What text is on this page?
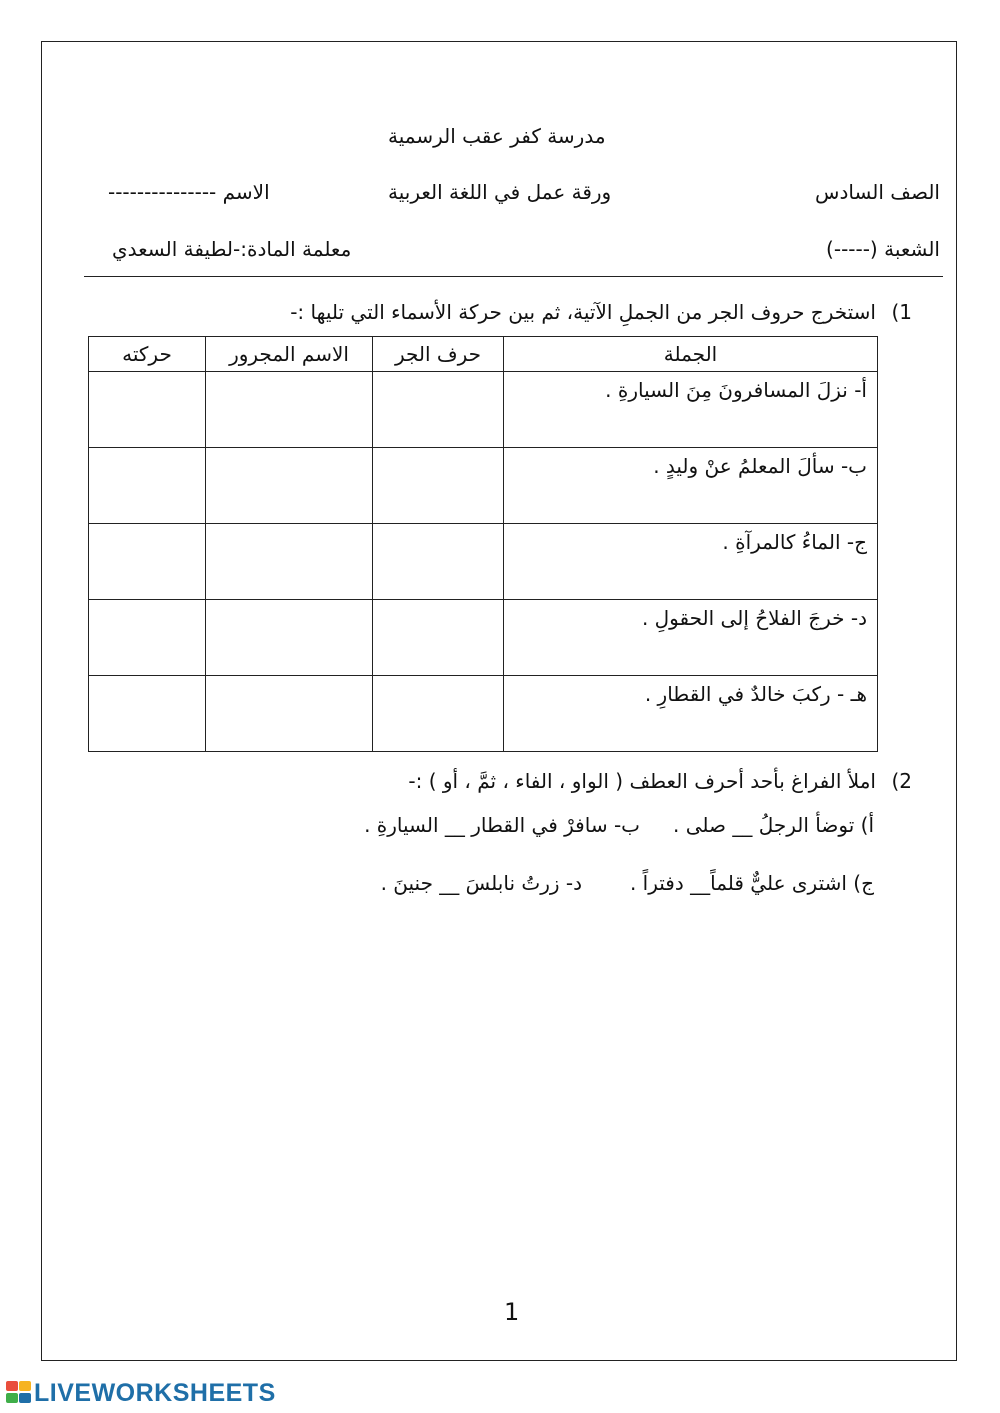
مدرسة كفر عقب الرسمية
الصف السادس
ورقة عمل في اللغة العربية
الاسم ---------------
الشعبة (-----)
معلمة المادة:-لطيفة السعدي
1)
استخرج حروف الجر من الجملِ الآتية، ثم بين حركة الأسماء التي تليها :-
الجملة	حرف الجر	الاسم المجرور	حركته
أ- نزلَ المسافرونَ مِنَ السيارةِ .			
ب- سألَ المعلمُ عنْ وليدٍ .			
ج- الماءُ كالمرآةِ .			
د- خرجَ الفلاحُ إلى الحقولِ .			
هـ - ركبَ خالدٌ في القطارِ .			
2)
املأ الفراغ بأحد أحرف العطف ( الواو ، الفاء ، ثمَّ ، أو ) :-
أ) توضأ الرجلُ __ صلى .
ب- سافرْ في القطار __ السيارةِ .
ج) اشترى عليٌّ قلماً__ دفتراً .
د- زرتُ نابلسَ __ جنينَ .
1
LIVEWORKSHEETS
